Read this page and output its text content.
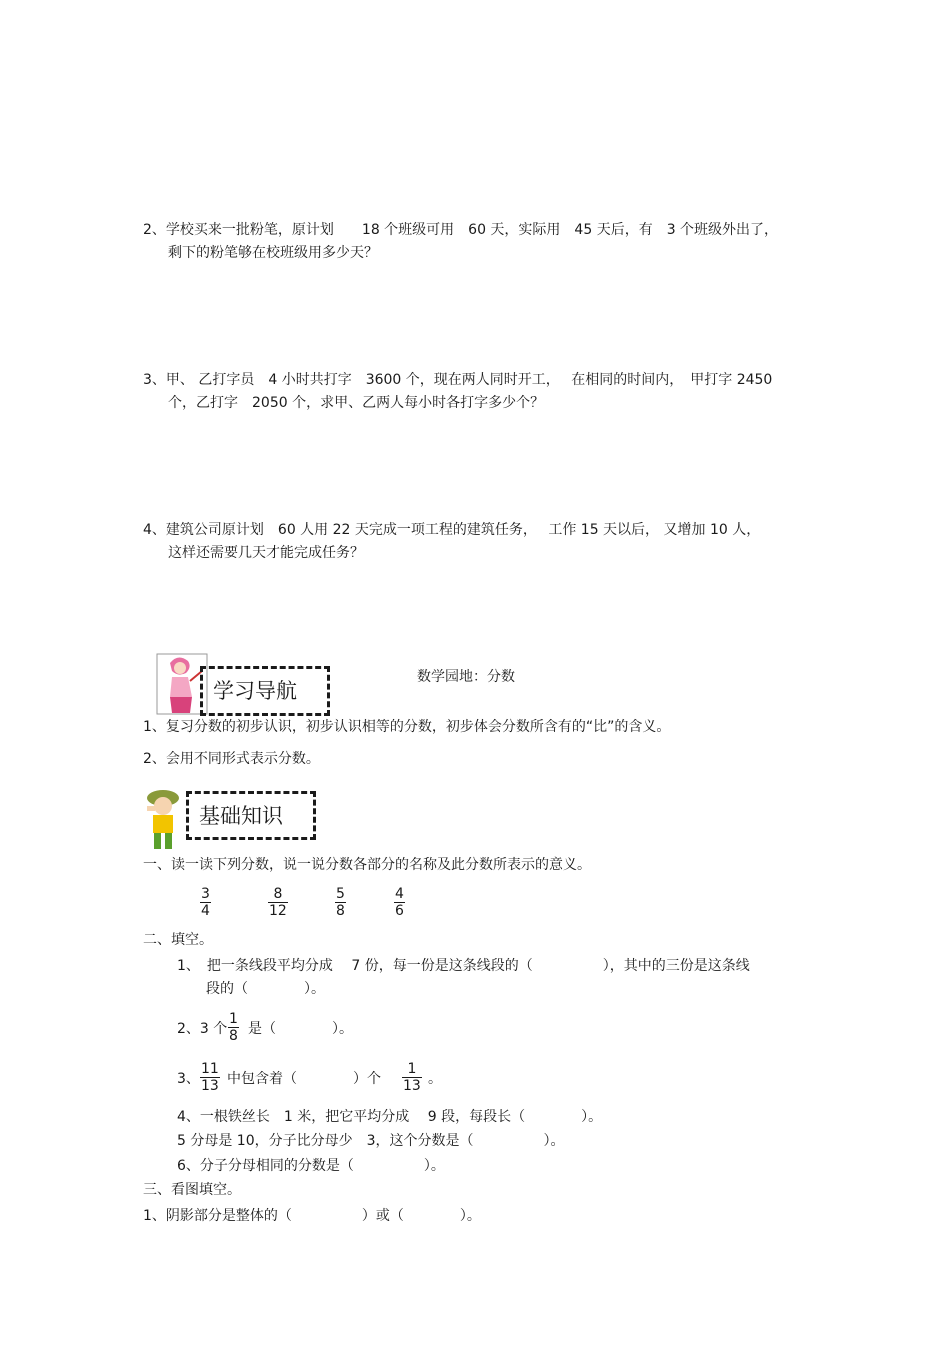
2、学校买来一批粉笔，原计划　　18 个班级可用　60 天，实际用　45 天后，有　3 个班级外出了，
剩下的粉笔够在校班级用多少天？
3、甲、 乙打字员　4 小时共打字　3600 个，现在两人同时开工，　 在相同的时间内，　甲打字 2450
个，乙打字　2050 个，求甲、乙两人每小时各打字多少个？
4、建筑公司原计划　60 人用 22 天完成一项工程的建筑任务，　 工作 15 天以后， 又增加 10 人，
这样还需要几天才能完成任务？
学习导航
数学园地：分数
1、复习分数的初步认识，初步认识相等的分数，初步体会分数所含有的“比”的含义。
2、会用不同形式表示分数。
基础知识
一、读一读下列分数，说一说分数各部分的名称及此分数所表示的意义。
$\frac{3}{4}$	$\frac{8}{12}$	$\frac{5}{8}$	$\frac{4}{6}$
二、填空。
1、　把一条线段平均分成　 7 份，每一份是这条线段的（　　　　　），其中的三份是这条线
段的（　　　　）。
2、3 个 $\frac{1}{8}$ 是（　　　　）。
3、 $\frac{11}{13}$ 中包含着（　　　　）个 $\frac{1}{13}$ 。
4、一根铁丝长　1 米，把它平均分成　 9 段，每段长（　　　　）。
5 分母是 10，分子比分母少　3，这个分数是（　　　　　）。
6、分子分母相同的分数是（　　　　　）。
三、看图填空。
1、阴影部分是整体的（　　　　　）或（　　　　）。
